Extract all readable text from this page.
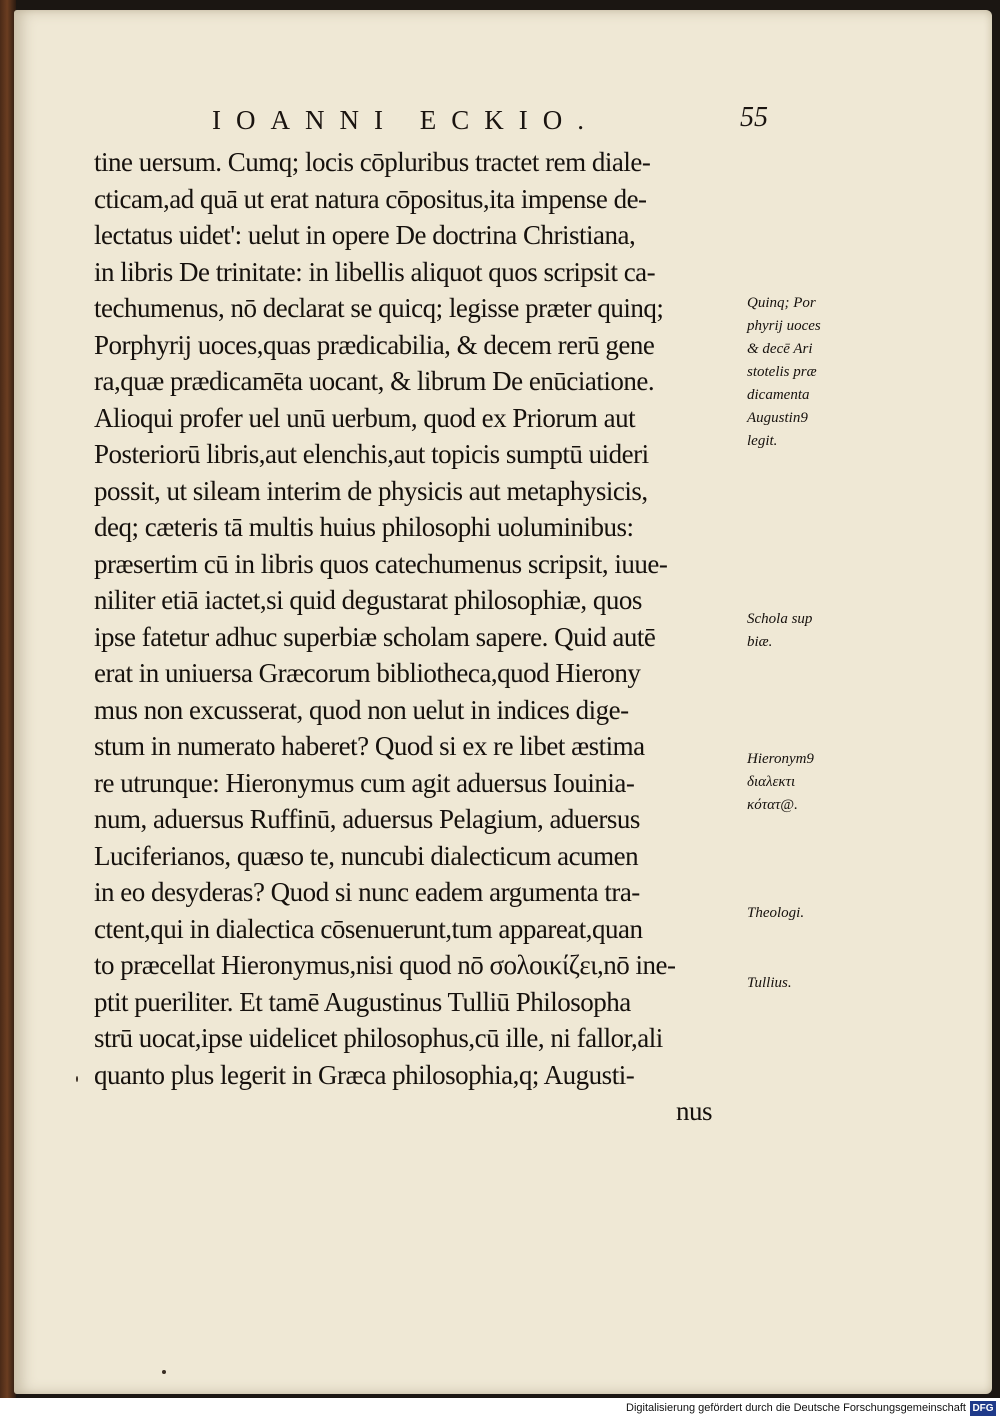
IOANNI ECKIO.	55
tine uersum. Cumq; locis cōpluribus tractet rem diale-
cticam,ad quā ut erat natura cōpositus,ita impense de-
lectatus uidet': uelut in opere De doctrina Christiana,
in libris De trinitate: in libellis aliquot quos scripsit ca-
techumenus, nō declarat se quicq; legisse præter quinq;
Porphyrij uoces,quas prædicabilia, & decem rerū gene
ra,quæ prædicamēta uocant, & librum De enūciatione.
Alioqui profer uel unū uerbum, quod ex Priorum aut
Posteriorū libris,aut elenchis,aut topicis sumptū uideri
possit, ut sileam interim de physicis aut metaphysicis,
deq; cæteris tā multis huius philosophi uoluminibus:
præsertim cū in libris quos catechumenus scripsit, iuue-
niliter etiā iactet,si quid degustarat philosophiæ, quos
ipse fatetur adhuc superbiæ scholam sapere. Quid autē
erat in uniuersa Græcorum bibliotheca,quod Hierony
mus non excusserat, quod non uelut in indices dige-
stum in numerato haberet? Quod si ex re libet æstima
re utrunque: Hieronymus cum agit aduersus Iouinia-
num, aduersus Ruffinū, aduersus Pelagium, aduersus
Luciferianos, quæso te, nuncubi dialecticum acumen
in eo desyderas? Quod si nunc eadem argumenta tra-
ctent,qui in dialectica cōsenuerunt,tum appareat,quan
to præcellat Hieronymus,nisi quod nō σολοικίζει,nō ine-
ptit pueriliter. Et tamē Augustinus Tulliū Philosopha
strū uocat,ipse uidelicet philosophus,cū ille, ni fallor,ali
quanto plus legerit in Græca philosophia,q; Augusti-
nus
Quinq; Por
phyrij uoces
& decē Ari
stotelis præ
dicamenta
Augustin9
legit.
Schola sup
biæ.
Hieronym9
διαλεκτι
κότατ@.
Theologi.
Tullius.
Digitalisierung gefördert durch die Deutsche Forschungsgemeinschaft DFG
